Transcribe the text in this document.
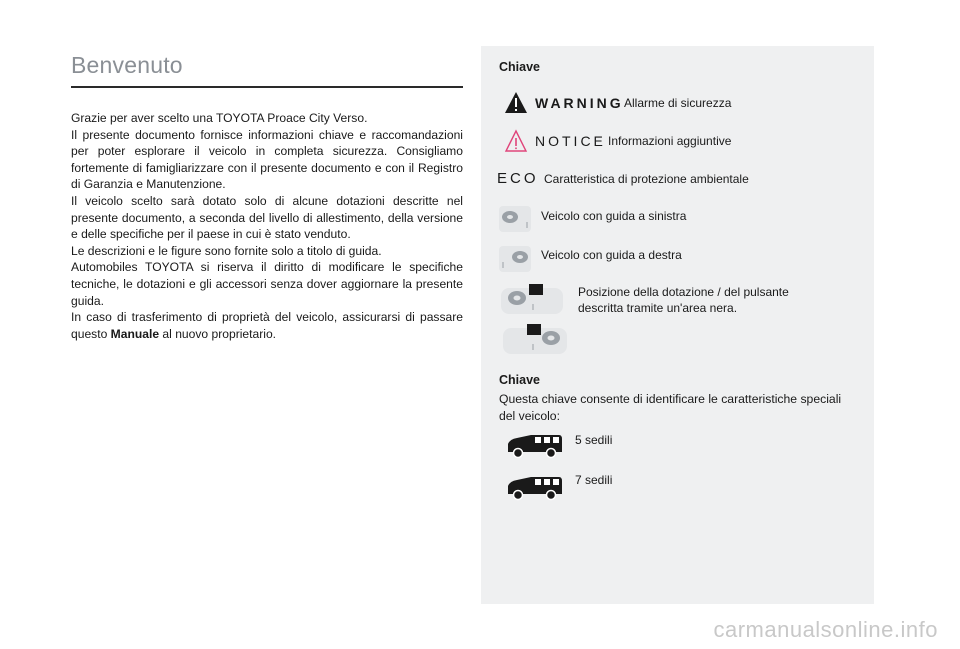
Benvenuto

Grazie per aver scelto una TOYOTA Proace City Verso.

Il presente documento fornisce informazioni chiave e raccomandazioni per poter esplorare il veicolo in completa sicurezza. Consigliamo fortemente di famigliarizzare con il presente documento e con il Registro di Garanzia e Manutenzione.

Il veicolo scelto sarà dotato solo di alcune dotazioni descritte nel presente documento, a seconda del livello di allestimento, della versione e delle specifiche per il paese in cui è stato venduto.

Le descrizioni e le figure sono fornite solo a titolo di guida.

Automobiles TOYOTA si riserva il diritto di modificare le specifiche tecniche, le dotazioni e gli accessori senza dover aggiornare la presente guida.

In caso di trasferimento di proprietà del veicolo, assicurarsi di passare questo Manuale al nuovo proprietario.

Chiave
WARNING Allarme di sicurezza
NOTICE Informazioni aggiuntive
ECO Caratteristica di protezione ambientale
Veicolo con guida a sinistra
Veicolo con guida a destra
Posizione della dotazione / del pulsante
descritta tramite un'area nera.
Chiave
Questa chiave consente di identificare le caratteristiche speciali del veicolo:
5 sedili
7 sedili
carmanualsonline.info
